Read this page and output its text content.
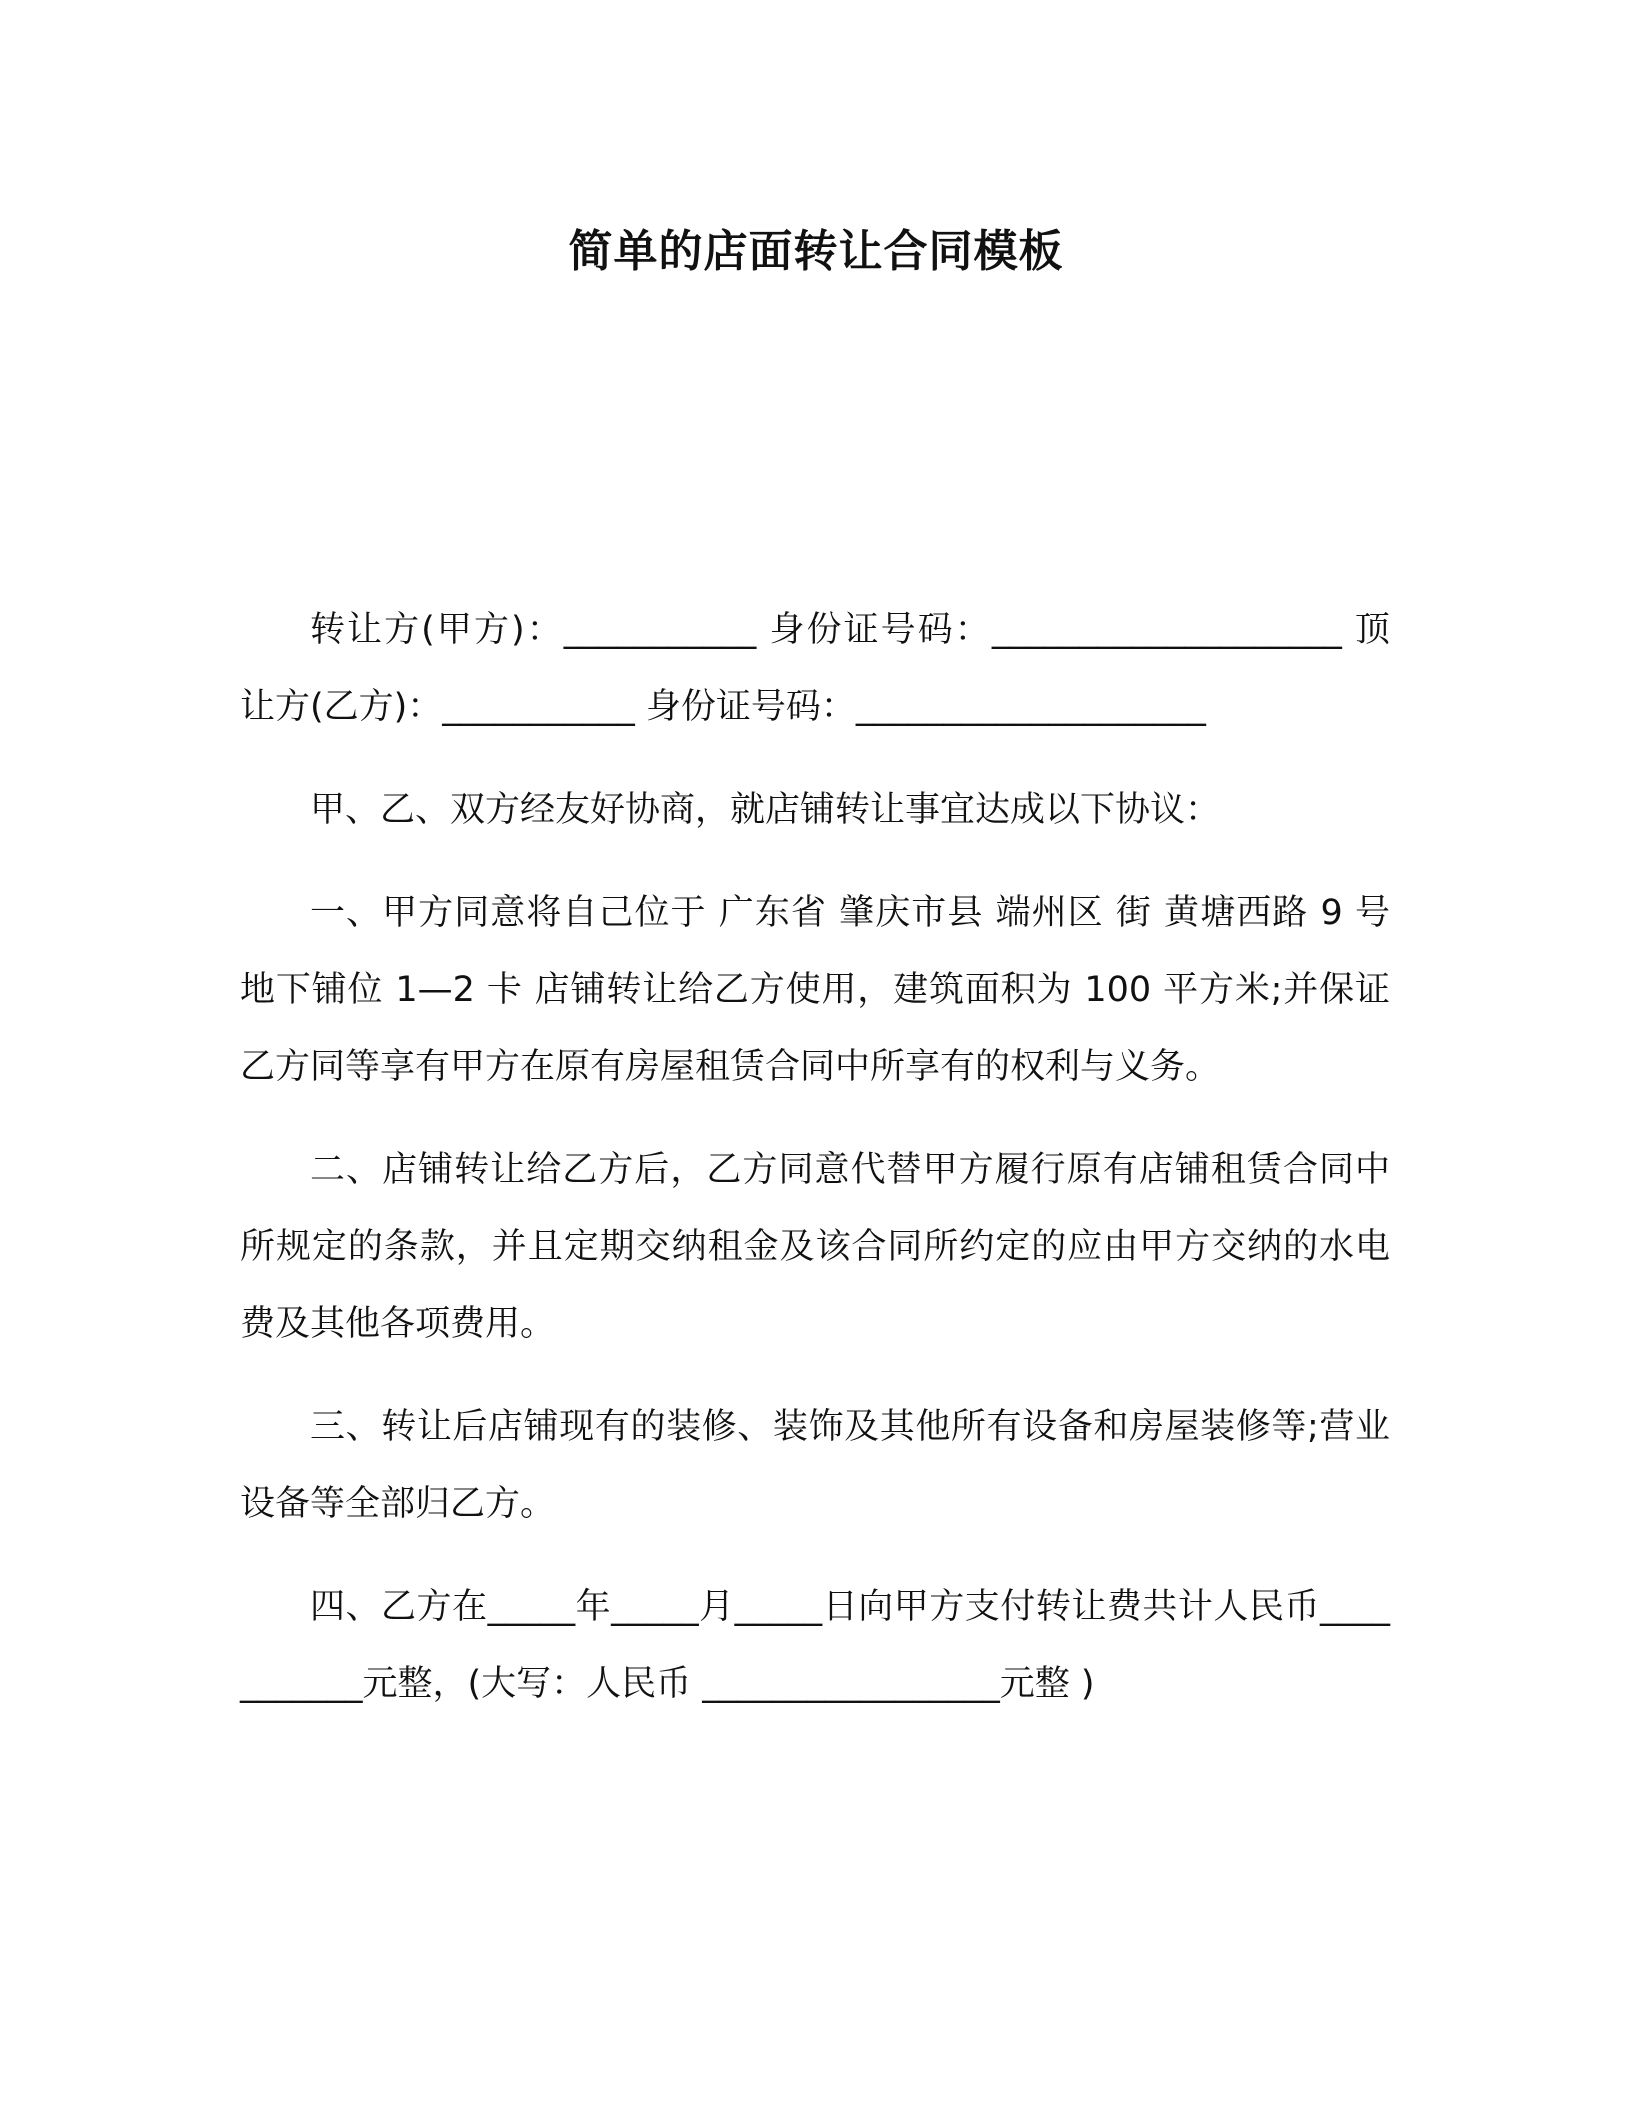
简单的店面转让合同模板

转让方(甲方)：___________ 身份证号码：____________________ 顶让方(乙方)：___________ 身份证号码：____________________

甲、乙、双方经友好协商，就店铺转让事宜达成以下协议：

一、甲方同意将自己位于 广东省 肇庆市县 端州区 街 黄塘西路 9 号地下铺位 1—2 卡 店铺转让给乙方使用，建筑面积为 100 平方米;并保证乙方同等享有甲方在原有房屋租赁合同中所享有的权利与义务。

二、店铺转让给乙方后，乙方同意代替甲方履行原有店铺租赁合同中所规定的条款，并且定期交纳租金及该合同所约定的应由甲方交纳的水电费及其他各项费用。

三、转让后店铺现有的装修、装饰及其他所有设备和房屋装修等;营业设备等全部归乙方。

四、乙方在_____年_____月_____日向甲方支付转让费共计人民币___________元整，(大写：人民币 _________________元整 )
